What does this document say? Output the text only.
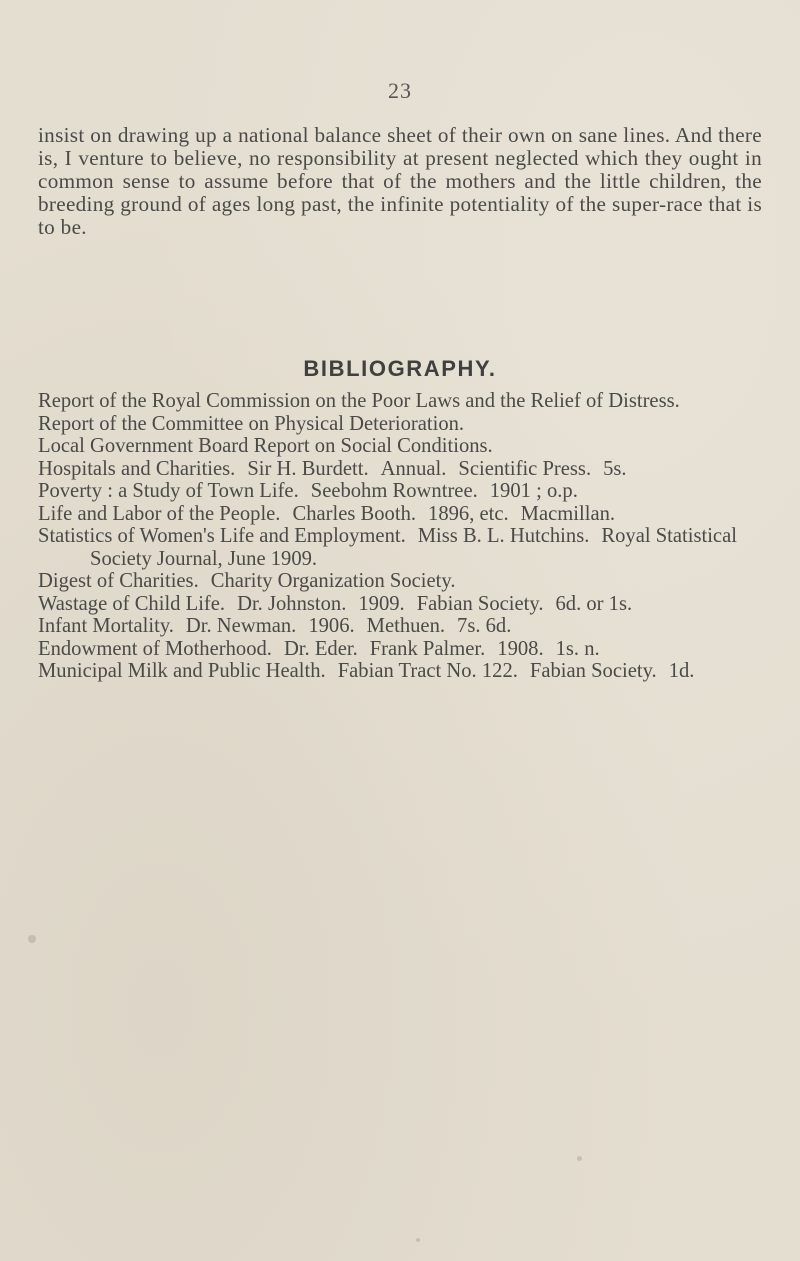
23

insist on drawing up a national balance sheet of their own on sane lines. And there is, I venture to believe, no responsibility at present neglected which they ought in common sense to assume before that of the mothers and the little children, the breeding ground of ages long past, the infinite potentiality of the super-race that is to be.

BIBLIOGRAPHY.
Report of the Royal Commission on the Poor Laws and the Relief of Distress.
Report of the Committee on Physical Deterioration.
Local Government Board Report on Social Conditions.
Hospitals and Charities. Sir H. Burdett. Annual. Scientific Press. 5s.
Poverty : a Study of Town Life. Seebohm Rowntree. 1901 ; o.p.
Life and Labor of the People. Charles Booth. 1896, etc. Macmillan.
Statistics of Women's Life and Employment. Miss B. L. Hutchins. Royal Statistical Society Journal, June 1909.
Digest of Charities. Charity Organization Society.
Wastage of Child Life. Dr. Johnston. 1909. Fabian Society. 6d. or 1s.
Infant Mortality. Dr. Newman. 1906. Methuen. 7s. 6d.
Endowment of Motherhood. Dr. Eder. Frank Palmer. 1908. 1s. n.
Municipal Milk and Public Health. Fabian Tract No. 122. Fabian Society. 1d.
